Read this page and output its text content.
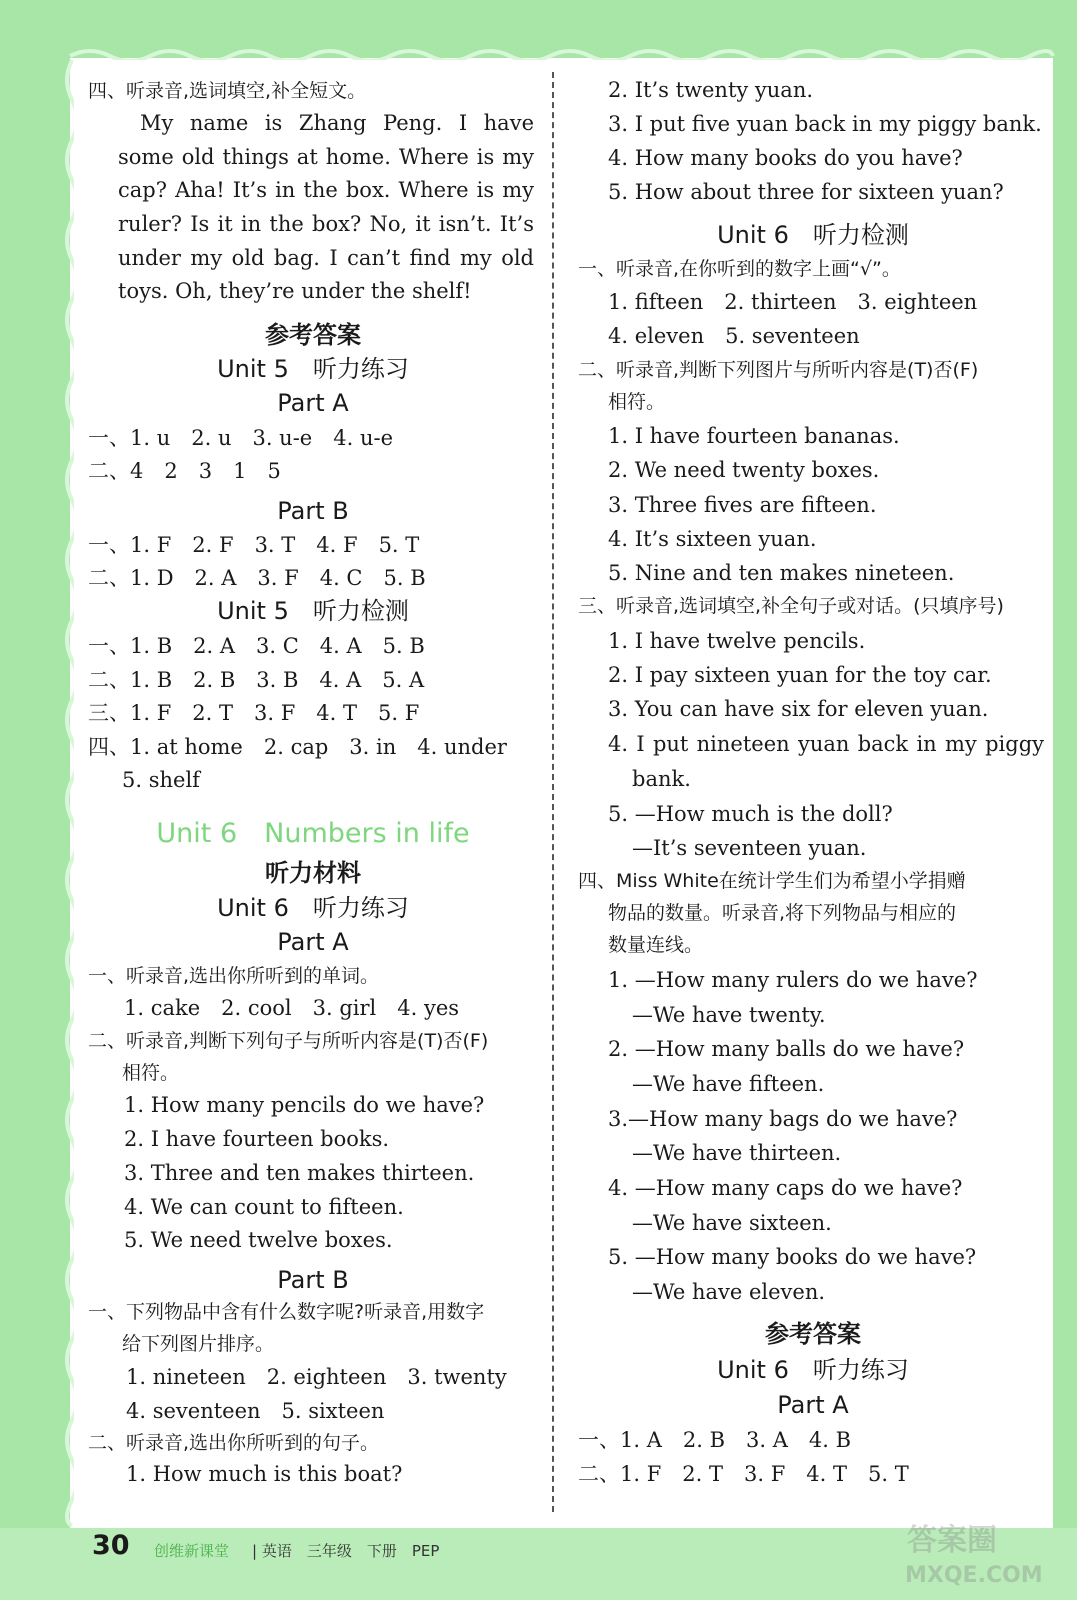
四、听录音,选词填空,补全短文。
My name is Zhang Peng. I have
some old things at home. Where is my
cap? Aha! It’s in the box. Where is my
ruler? Is it in the box? No, it isn’t. It’s
under my old bag. I can’t find my old
toys. Oh, they’re under the shelf!
参考答案
Unit 5　听力练习
Part A
一、1. u　2. u　3. u-e　4. u-e
二、4　2　3　1　5
Part B
一、1. F　2. F　3. T　4. F　5. T
二、1. D　2. A　3. F　4. C　5. B
Unit 5　听力检测
一、1. B　2. A　3. C　4. A　5. B
二、1. B　2. B　3. B　4. A　5. A
三、1. F　2. T　3. F　4. T　5. F
四、1. at home　2. cap　3. in　4. under
5. shelf
Unit 6　Numbers in life
听力材料
Unit 6　听力练习
Part A
一、听录音,选出你所听到的单词。
1. cake　2. cool　3. girl　4. yes
二、听录音,判断下列句子与所听内容是(T)否(F)
相符。
1. How many pencils do we have?
2. I have fourteen books.
3. Three and ten makes thirteen.
4. We can count to fifteen.
5. We need twelve boxes.
Part B
一、下列物品中含有什么数字呢?听录音,用数字
给下列图片排序。
1. nineteen　2. eighteen　3. twenty
4. seventeen　5. sixteen
二、听录音,选出你所听到的句子。
1. How much is this boat?
2. It’s twenty yuan.
3. I put five yuan back in my piggy bank.
4. How many books do you have?
5. How about three for sixteen yuan?
Unit 6　听力检测
一、听录音,在你听到的数字上画“√”。
1. fifteen　2. thirteen　3. eighteen
4. eleven　5. seventeen
二、听录音,判断下列图片与所听内容是(T)否(F)
相符。
1. I have fourteen bananas.
2. We need twenty boxes.
3. Three fives are fifteen.
4. It’s sixteen yuan.
5. Nine and ten makes nineteen.
三、听录音,选词填空,补全句子或对话。(只填序号)
1. I have twelve pencils.
2. I pay sixteen yuan for the toy car.
3. You can have six for eleven yuan.
4. I put nineteen yuan back in my piggy
bank.
5. —How much is the doll?
—It’s seventeen yuan.
四、Miss White在统计学生们为希望小学捐赠
物品的数量。听录音,将下列物品与相应的
数量连线。
1. —How many rulers do we have?
—We have twenty.
2. —How many balls do we have?
—We have fifteen.
3.—How many bags do we have?
—We have thirteen.
4. —How many caps do we have?
—We have sixteen.
5. —How many books do we have?
—We have eleven.
参考答案
Unit 6　听力练习
Part A
一、1. A　2. B　3. A　4. B
二、1. F　2. T　3. F　4. T　5. T
30 创维新课堂 | 英语　三年级　下册　PEP	答案圈
MXQE.COM
